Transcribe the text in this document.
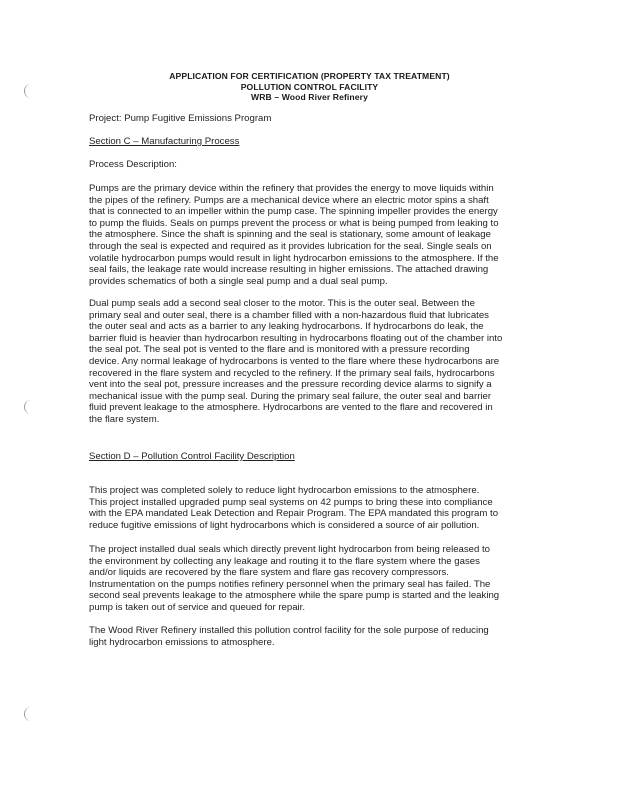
APPLICATION FOR CERTIFICATION (PROPERTY TAX TREATMENT)
POLLUTION CONTROL FACILITY
WRB – Wood River Refinery
Project: Pump Fugitive Emissions Program
Section C – Manufacturing Process
Process Description:
Pumps are the primary device within the refinery that provides the energy to move liquids within
the pipes of the refinery. Pumps are a mechanical device where an electric motor spins a shaft
that is connected to an impeller within the pump case. The spinning impeller provides the energy
to pump the fluids. Seals on pumps prevent the process or what is being pumped from leaking to
the atmosphere. Since the shaft is spinning and the seal is stationary, some amount of leakage
through the seal is expected and required as it provides lubrication for the seal. Single seals on
volatile hydrocarbon pumps would result in light hydrocarbon emissions to the atmosphere. If the
seal fails, the leakage rate would increase resulting in higher emissions. The attached drawing
provides schematics of both a single seal pump and a dual seal pump.
Dual pump seals add a second seal closer to the motor. This is the outer seal. Between the
primary seal and outer seal, there is a chamber filled with a non-hazardous fluid that lubricates
the outer seal and acts as a barrier to any leaking hydrocarbons. If hydrocarbons do leak, the
barrier fluid is heavier than hydrocarbon resulting in hydrocarbons floating out of the chamber into
the seal pot. The seal pot is vented to the flare and is monitored with a pressure recording
device. Any normal leakage of hydrocarbons is vented to the flare where these hydrocarbons are
recovered in the flare system and recycled to the refinery. If the primary seal fails, hydrocarbons
vent into the seal pot, pressure increases and the pressure recording device alarms to signify a
mechanical issue with the pump seal. During the primary seal failure, the outer seal and barrier
fluid prevent leakage to the atmosphere. Hydrocarbons are vented to the flare and recovered in
the flare system.
Section D – Pollution Control Facility Description
This project was completed solely to reduce light hydrocarbon emissions to the atmosphere.
This project installed upgraded pump seal systems on 42 pumps to bring these into compliance
with the EPA mandated Leak Detection and Repair Program. The EPA mandated this program to
reduce fugitive emissions of light hydrocarbons which is considered a source of air pollution.
The project installed dual seals which directly prevent light hydrocarbon from being released to
the environment by collecting any leakage and routing it to the flare system where the gases
and/or liquids are recovered by the flare system and flare gas recovery compressors.
Instrumentation on the pumps notifies refinery personnel when the primary seal has failed. The
second seal prevents leakage to the atmosphere while the spare pump is started and the leaking
pump is taken out of service and queued for repair.
The Wood River Refinery installed this pollution control facility for the sole purpose of reducing
light hydrocarbon emissions to atmosphere.
